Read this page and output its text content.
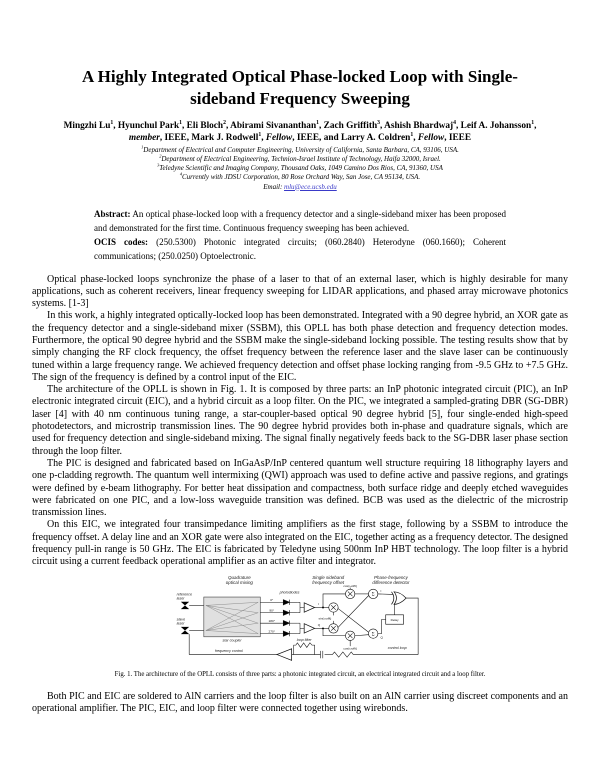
A Highly Integrated Optical Phase-locked Loop with Single-
sideband Frequency Sweeping
Mingzhi Lu$^1$, Hyunchul Park$^1$, Eli Bloch$^2$, Abirami Sivananthan$^1$, Zach Griffith$^3$, Ashish Bhardwaj$^4$, Leif A. Johansson$^1$, member, IEEE, Mark J. Rodwell$^1$, Fellow, IEEE, and Larry A. Coldren$^1$, Fellow, IEEE
$^1$Department of Electrical and Computer Engineering, University of California, Santa Barbara, CA, 93106, USA.
$^2$Department of Electrical Engineering, Technion-Israel Institute of Technology, Haifa 32000, Israel.
$^3$Teledyne Scientific and Imaging Company, Thousand Oaks, 1049 Camino Dos Rios, CA, 91360, USA
$^4$Currently with JDSU Corporation, 80 Rose Orchard Way, San Jose, CA 95134, USA.
Email: mlu@ece.ucsb.edu
Abstract: An optical phase-locked loop with a frequency detector and a single-sideband mixer has been proposed and demonstrated for the first time. Continuous frequency sweeping has been achieved.
OCIS codes: (250.5300) Photonic integrated circuits; (060.2840) Heterodyne (060.1660); Coherent communications; (250.0250) Optoelectronic.

Optical phase-locked loops synchronize the phase of a laser to that of an external laser, which is highly desirable for many applications, such as coherent receivers, linear frequency sweeping for LIDAR applications, and phased array microwave photonics systems. [1-3]

In this work, a highly integrated optically-locked loop has been demonstrated. Integrated with a 90 degree hybrid, an XOR gate as the frequency detector and a single-sideband mixer (SSBM), this OPLL has both phase detection and frequency detection modes. Furthermore, the optical 90 degree hybrid and the SSBM make the single-sideband locking possible. The testing results show that by simply changing the RF clock frequency, the offset frequency between the reference laser and the slave laser can be continuously tuned within a large frequency range. We achieved frequency detection and offset phase locking ranging from -9.5 GHz to +7.5 GHz. The sign of the frequency is defined by a control input of the EIC.

The architecture of the OPLL is shown in Fig. 1. It is composed by three parts: an InP photonic integrated circuit (PIC), an InP electronic integrated circuit (EIC), and a hybrid circuit as a loop filter. On the PIC, we integrated a sampled-grating DBR (SG-DBR) laser [4] with 40 nm continuous tuning range, a star-coupler-based optical 90 degree hybrid [5], four single-ended high-speed photodetectors, and microstrip transmission lines. The 90 degree hybrid provides both in-phase and quadrature signals, which are used for frequency detection and single-sideband mixing. The signal finally negatively feeds back to the SG-DBR laser phase section through the loop filter.

The PIC is designed and fabricated based on InGaAsP/InP centered quantum well structure requiring 18 lithography layers and one p-cladding regrowth. The quantum well intermixing (QWI) approach was used to define active and passive regions, and gratings were defined by e-beam lithography. For better heat dissipation and compactness, both surface ridge and deeply etched waveguides were fabricated on one PIC, and a low-loss waveguide transition was defined. BCB was used as the dielectric of the microstrip transmission lines.

On this EIC, we integrated four transimpedance limiting amplifiers as the first stage, following by a SSBM to introduce the frequency offset. A delay line and an XOR gate were also integrated on the EIC, together acting as a frequency detector. The designed frequency pull-in range is 50 GHz. The EIC is fabricated by Teledyne using 500nm InP HBT technology. The loop filter is a hybrid circuit using a current feedback operational amplifier as an active filter and integrator.

Quadrature
optical mixing
Single sideband
frequency offset
Phase-frequency
difference detector
reference
laser
slave
laser
star coupler
0°
90°
180°
270°
photodiodes
I
Q
cos(ωofft)
sin(ωofft)
cos(ωofft)
Σ
Σ
I
Q
Delay
control loop
loop filter
frequency control
Fig. 1. The architecture of the OPLL consists of three parts: a photonic integrated circuit, an electrical integrated circuit and a loop filter.

Both PIC and EIC are soldered to AlN carriers and the loop filter is also built on an AlN carrier using discreet components and an operational amplifier. The PIC, EIC, and loop filter were connected together using wirebonds.
